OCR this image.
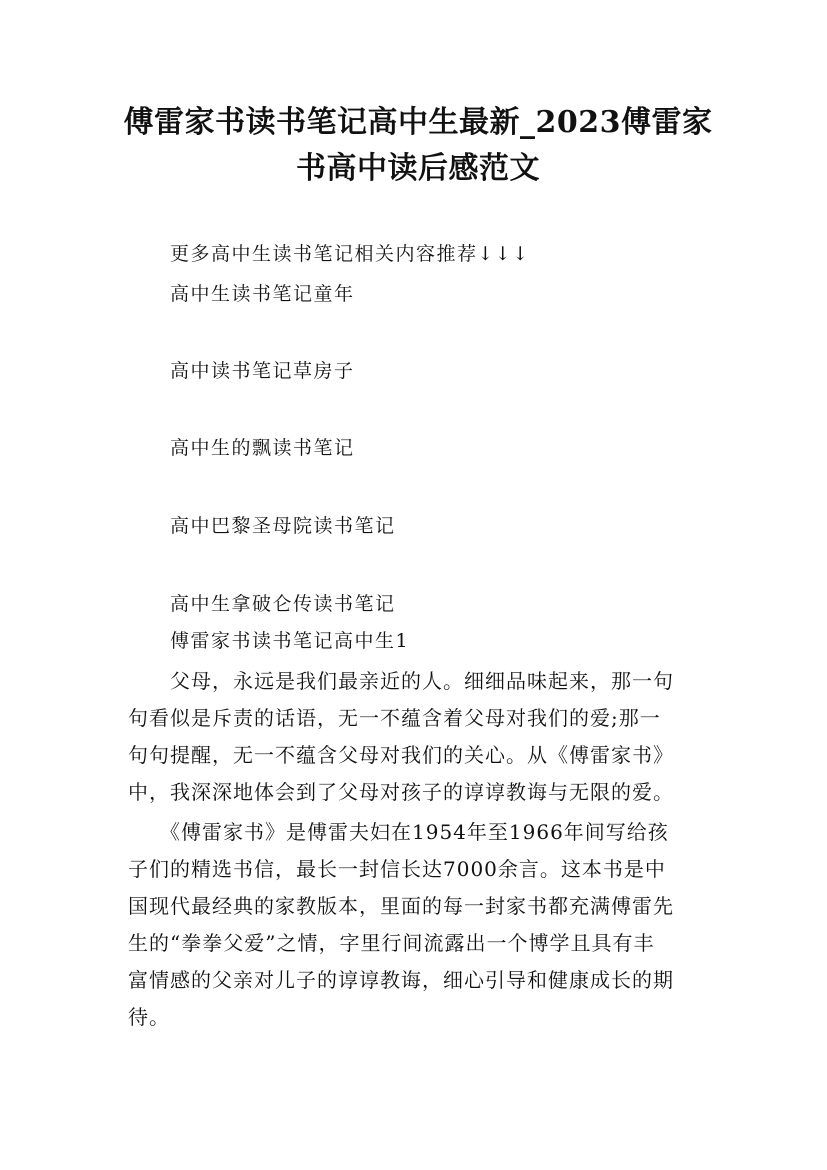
傅雷家书读书笔记高中生最新_2023傅雷家
书高中读后感范文
更多高中生读书笔记相关内容推荐↓↓↓
高中生读书笔记童年
高中读书笔记草房子
高中生的飘读书笔记
高中巴黎圣母院读书笔记
高中生拿破仑传读书笔记
傅雷家书读书笔记高中生1
　　父母，永远是我们最亲近的人。细细品味起来，那一句
句看似是斥责的话语，无一不蕴含着父母对我们的爱;那一
句句提醒，无一不蕴含父母对我们的关心。从《傅雷家书》
中，我深深地体会到了父母对孩子的谆谆教诲与无限的爱。
　　《傅雷家书》是傅雷夫妇在1954年至1966年间写给孩
子们的精选书信，最长一封信长达7000余言。这本书是中
国现代最经典的家教版本，里面的每一封家书都充满傅雷先
生的“拳拳父爱”之情，字里行间流露出一个博学且具有丰
富情感的父亲对儿子的谆谆教诲，细心引导和健康成长的期
待。
